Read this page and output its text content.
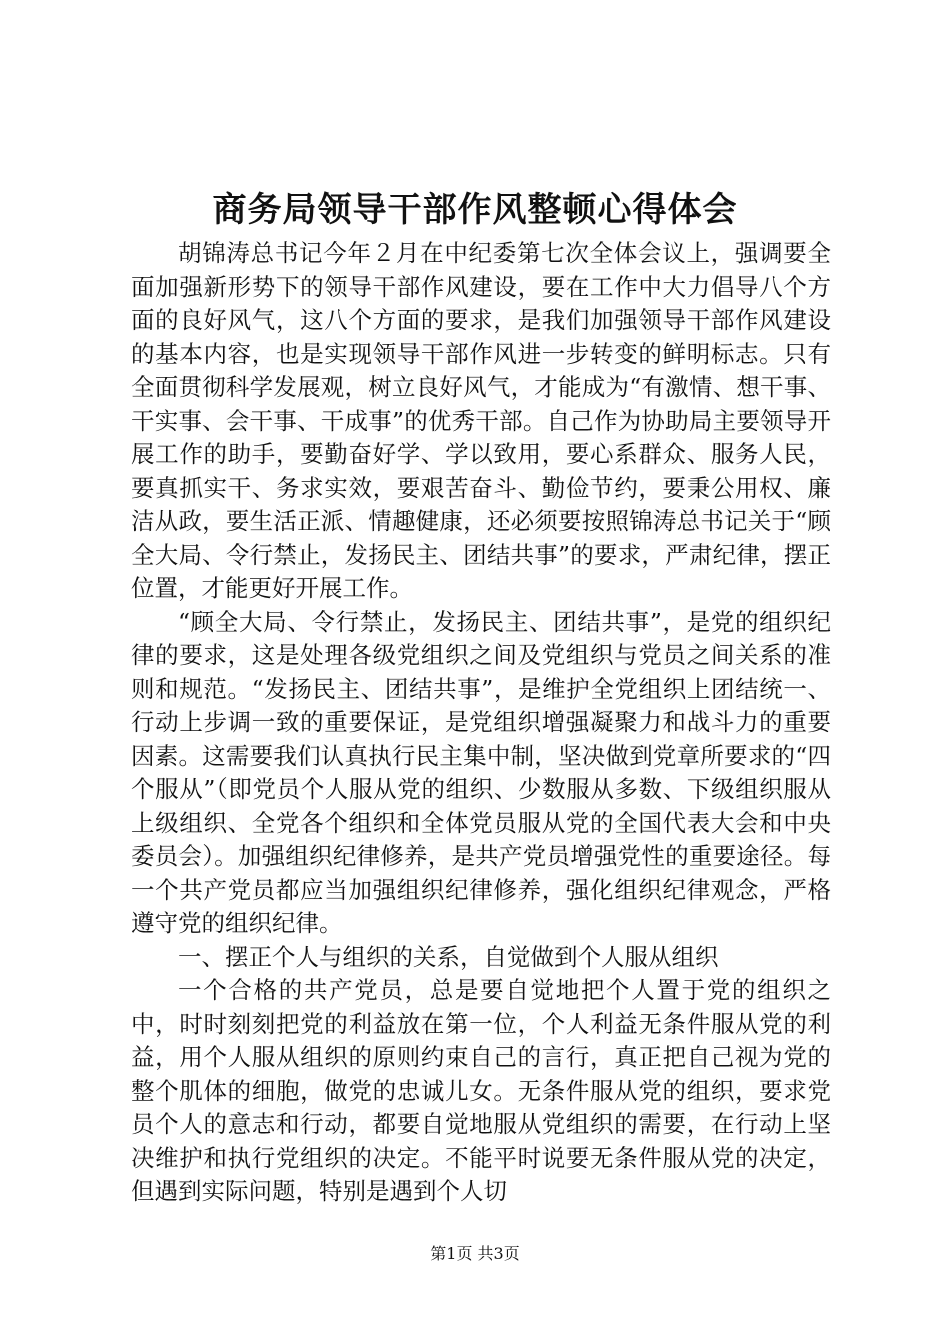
商务局领导干部作风整顿心得体会

胡锦涛总书记今年２月在中纪委第七次全体会议上，强调要全面加强新形势下的领导干部作风建设，要在工作中大力倡导八个方面的良好风气，这八个方面的要求，是我们加强领导干部作风建设的基本内容，也是实现领导干部作风进一步转变的鲜明标志。只有全面贯彻科学发展观，树立良好风气，才能成为“有激情、想干事、干实事、会干事、干成事”的优秀干部。自己作为协助局主要领导开展工作的助手，要勤奋好学、学以致用，要心系群众、服务人民，要真抓实干、务求实效，要艰苦奋斗、勤俭节约，要秉公用权、廉洁从政，要生活正派、情趣健康，还必须要按照锦涛总书记关于“顾全大局、令行禁止，发扬民主、团结共事”的要求，严肃纪律，摆正位置，才能更好开展工作。

“顾全大局、令行禁止，发扬民主、团结共事”，是党的组织纪律的要求，这是处理各级党组织之间及党组织与党员之间关系的准则和规范。“发扬民主、团结共事”，是维护全党组织上团结统一、行动上步调一致的重要保证，是党组织增强凝聚力和战斗力的重要因素。这需要我们认真执行民主集中制，坚决做到党章所要求的“四个服从”（即党员个人服从党的组织、少数服从多数、下级组织服从上级组织、全党各个组织和全体党员服从党的全国代表大会和中央委员会）。加强组织纪律修养，是共产党员增强党性的重要途径。每一个共产党员都应当加强组织纪律修养，强化组织纪律观念，严格遵守党的组织纪律。

一、摆正个人与组织的关系，自觉做到个人服从组织

一个合格的共产党员，总是要自觉地把个人置于党的组织之中，时时刻刻把党的利益放在第一位，个人利益无条件服从党的利益，用个人服从组织的原则约束自己的言行，真正把自己视为党的整个肌体的细胞，做党的忠诚儿女。无条件服从党的组织，要求党员个人的意志和行动，都要自觉地服从党组织的需要，在行动上坚决维护和执行党组织的决定。不能平时说要无条件服从党的决定，但遇到实际问题，特别是遇到个人切

第1页 共3页
